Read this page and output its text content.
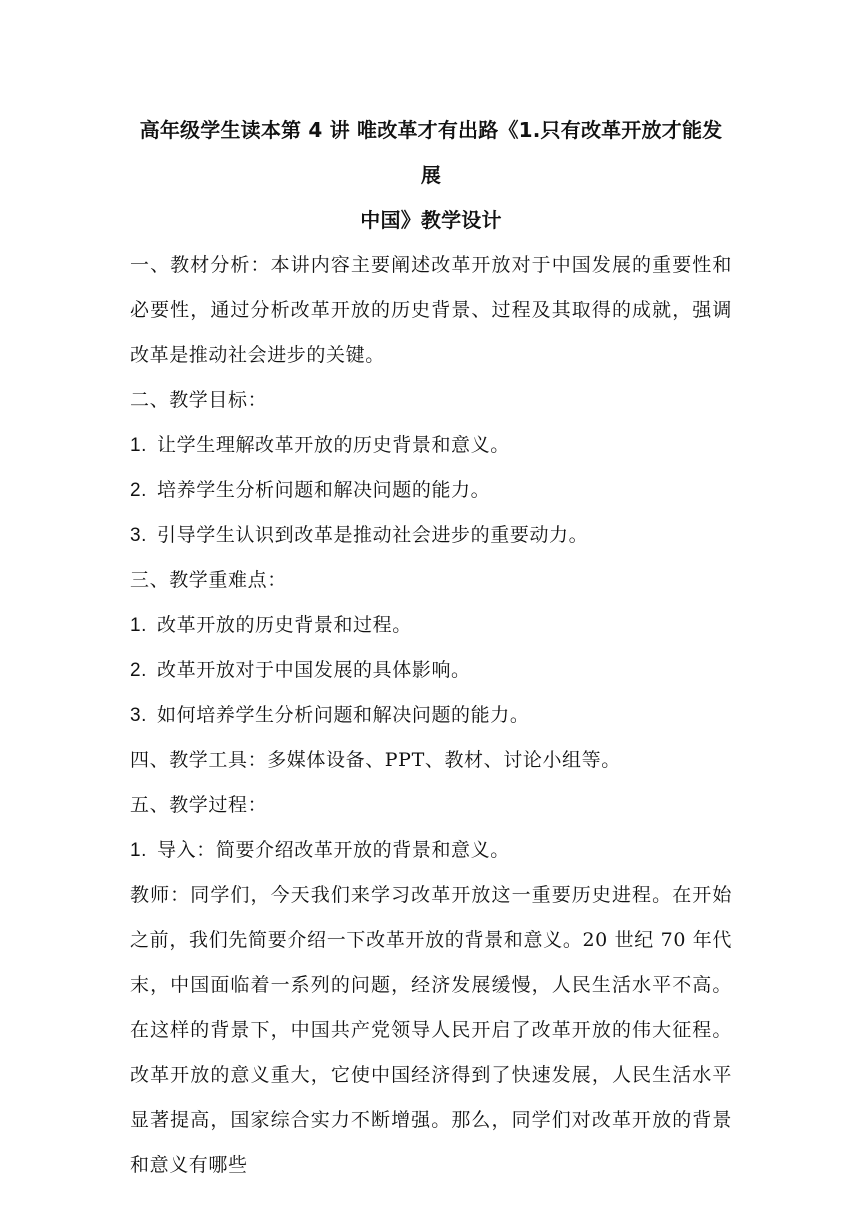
高年级学生读本第 4 讲 唯改革才有出路《1.只有改革开放才能发展
中国》教学设计

一、教材分析：本讲内容主要阐述改革开放对于中国发展的重要性和必要性，通过分析改革开放的历史背景、过程及其取得的成就，强调改革是推动社会进步的关键。

二、教学目标：

1. 让学生理解改革开放的历史背景和意义。

2. 培养学生分析问题和解决问题的能力。

3. 引导学生认识到改革是推动社会进步的重要动力。

三、教学重难点：

1. 改革开放的历史背景和过程。

2. 改革开放对于中国发展的具体影响。

3. 如何培养学生分析问题和解决问题的能力。

四、教学工具：多媒体设备、PPT、教材、讨论小组等。

五、教学过程：

1. 导入：简要介绍改革开放的背景和意义。

教师：同学们，今天我们来学习改革开放这一重要历史进程。在开始之前，我们先简要介绍一下改革开放的背景和意义。20 世纪 70 年代末，中国面临着一系列的问题，经济发展缓慢，人民生活水平不高。在这样的背景下，中国共产党领导人民开启了改革开放的伟大征程。改革开放的意义重大，它使中国经济得到了快速发展，人民生活水平显著提高，国家综合实力不断增强。那么，同学们对改革开放的背景和意义有哪些
